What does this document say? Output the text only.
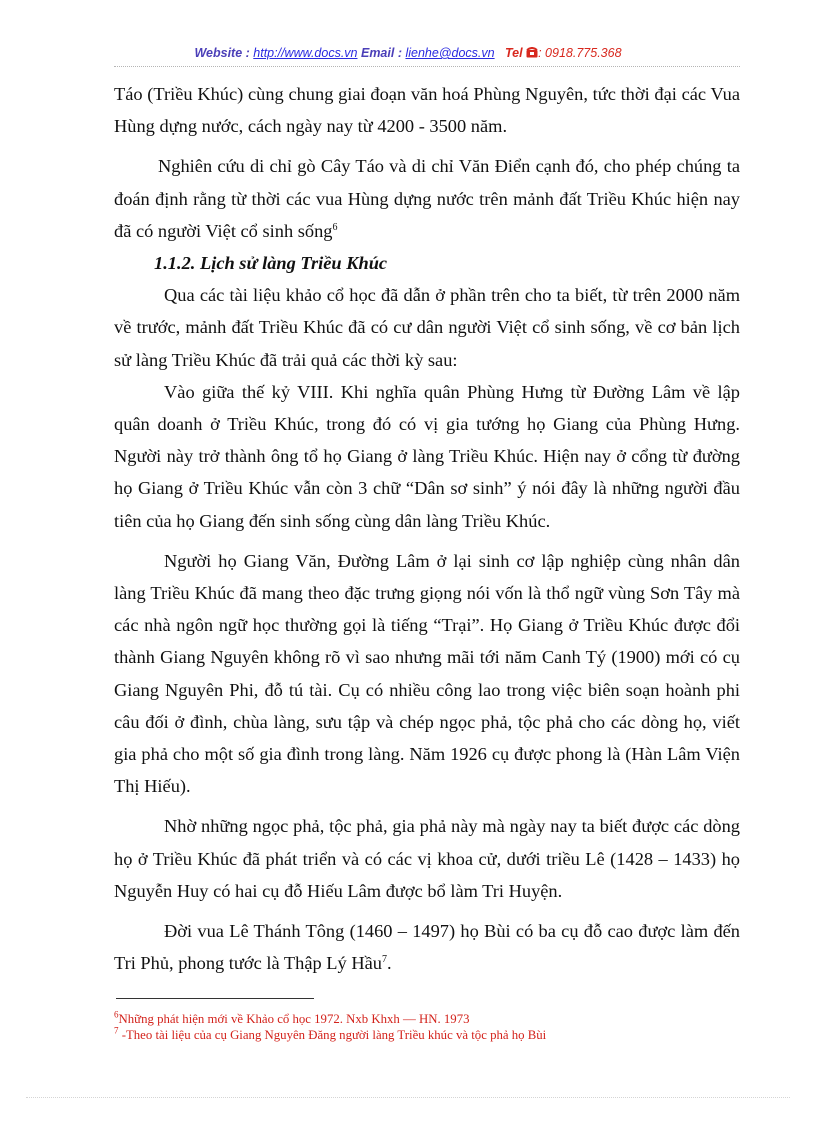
Website : http://www.docs.vn Email : lienhe@docs.vn Tel : 0918.775.368

Táo (Triều Khúc) cùng chung giai đoạn văn hoá Phùng Nguyên, tức thời đại các Vua Hùng dựng nước, cách ngày nay từ 4200 - 3500 năm.

Nghiên cứu di chỉ gò Cây Táo và di chỉ Văn Điển cạnh đó, cho phép chúng ta đoán định rằng từ thời các vua Hùng dựng nước trên mảnh đất Triều Khúc hiện nay đã có người Việt cổ sinh sống$^6$

1.1.2. Lịch sử làng Triều Khúc

Qua các tài liệu khảo cổ học đã dẫn ở phần trên cho ta biết, từ trên 2000 năm về trước, mảnh đất Triều Khúc đã có cư dân người Việt cổ sinh sống, về cơ bản lịch sử làng Triều Khúc đã trải quả các thời kỳ sau:

Vào giữa thế kỷ VIII. Khi nghĩa quân Phùng Hưng từ Đường Lâm về lập quân doanh ở Triều Khúc, trong đó có vị gia tướng họ Giang của Phùng Hưng. Người này trở thành ông tổ họ Giang ở làng Triều Khúc. Hiện nay ở cổng từ đường họ Giang ở Triều Khúc vẫn còn 3 chữ “Dân sơ sinh” ý nói đây là những người đầu tiên của họ Giang đến sinh sống cùng dân làng Triều Khúc.

Người họ Giang Văn, Đường Lâm ở lại sinh cơ lập nghiệp cùng nhân dân làng Triều Khúc đã mang theo đặc trưng giọng nói vốn là thổ ngữ vùng Sơn Tây mà các nhà ngôn ngữ học thường gọi là tiếng “Trại”. Họ Giang ở Triều Khúc được đổi thành Giang Nguyên không rõ vì sao nhưng mãi tới năm Canh Tý (1900) mới có cụ Giang Nguyên Phi, đỗ tú tài. Cụ có nhiều công lao trong việc biên soạn hoành phi câu đối ở đình, chùa làng, sưu tập và chép ngọc phả, tộc phả cho các dòng họ, viết gia phả cho một số gia đình trong làng. Năm 1926 cụ được phong là (Hàn Lâm Viện Thị Hiếu).

Nhờ những ngọc phả, tộc phả, gia phả này mà ngày nay ta biết được các dòng họ ở Triều Khúc đã phát triển và có các vị khoa cử, dưới triều Lê (1428 – 1433) họ Nguyễn Huy có hai cụ đỗ Hiếu Lâm được bổ làm Tri Huyện.

Đời vua Lê Thánh Tông (1460 – 1497) họ Bùi có ba cụ đỗ cao được làm đến Tri Phủ, phong tước là Thập Lý Hầu$^7$.

$^6$Những phát hiện mới về Khảo cổ học 1972. Nxb Khxh — HN. 1973
$^7$ -Theo tài liệu của cụ Giang Nguyên Đăng người làng Triều khúc và tộc phả họ Bùi
